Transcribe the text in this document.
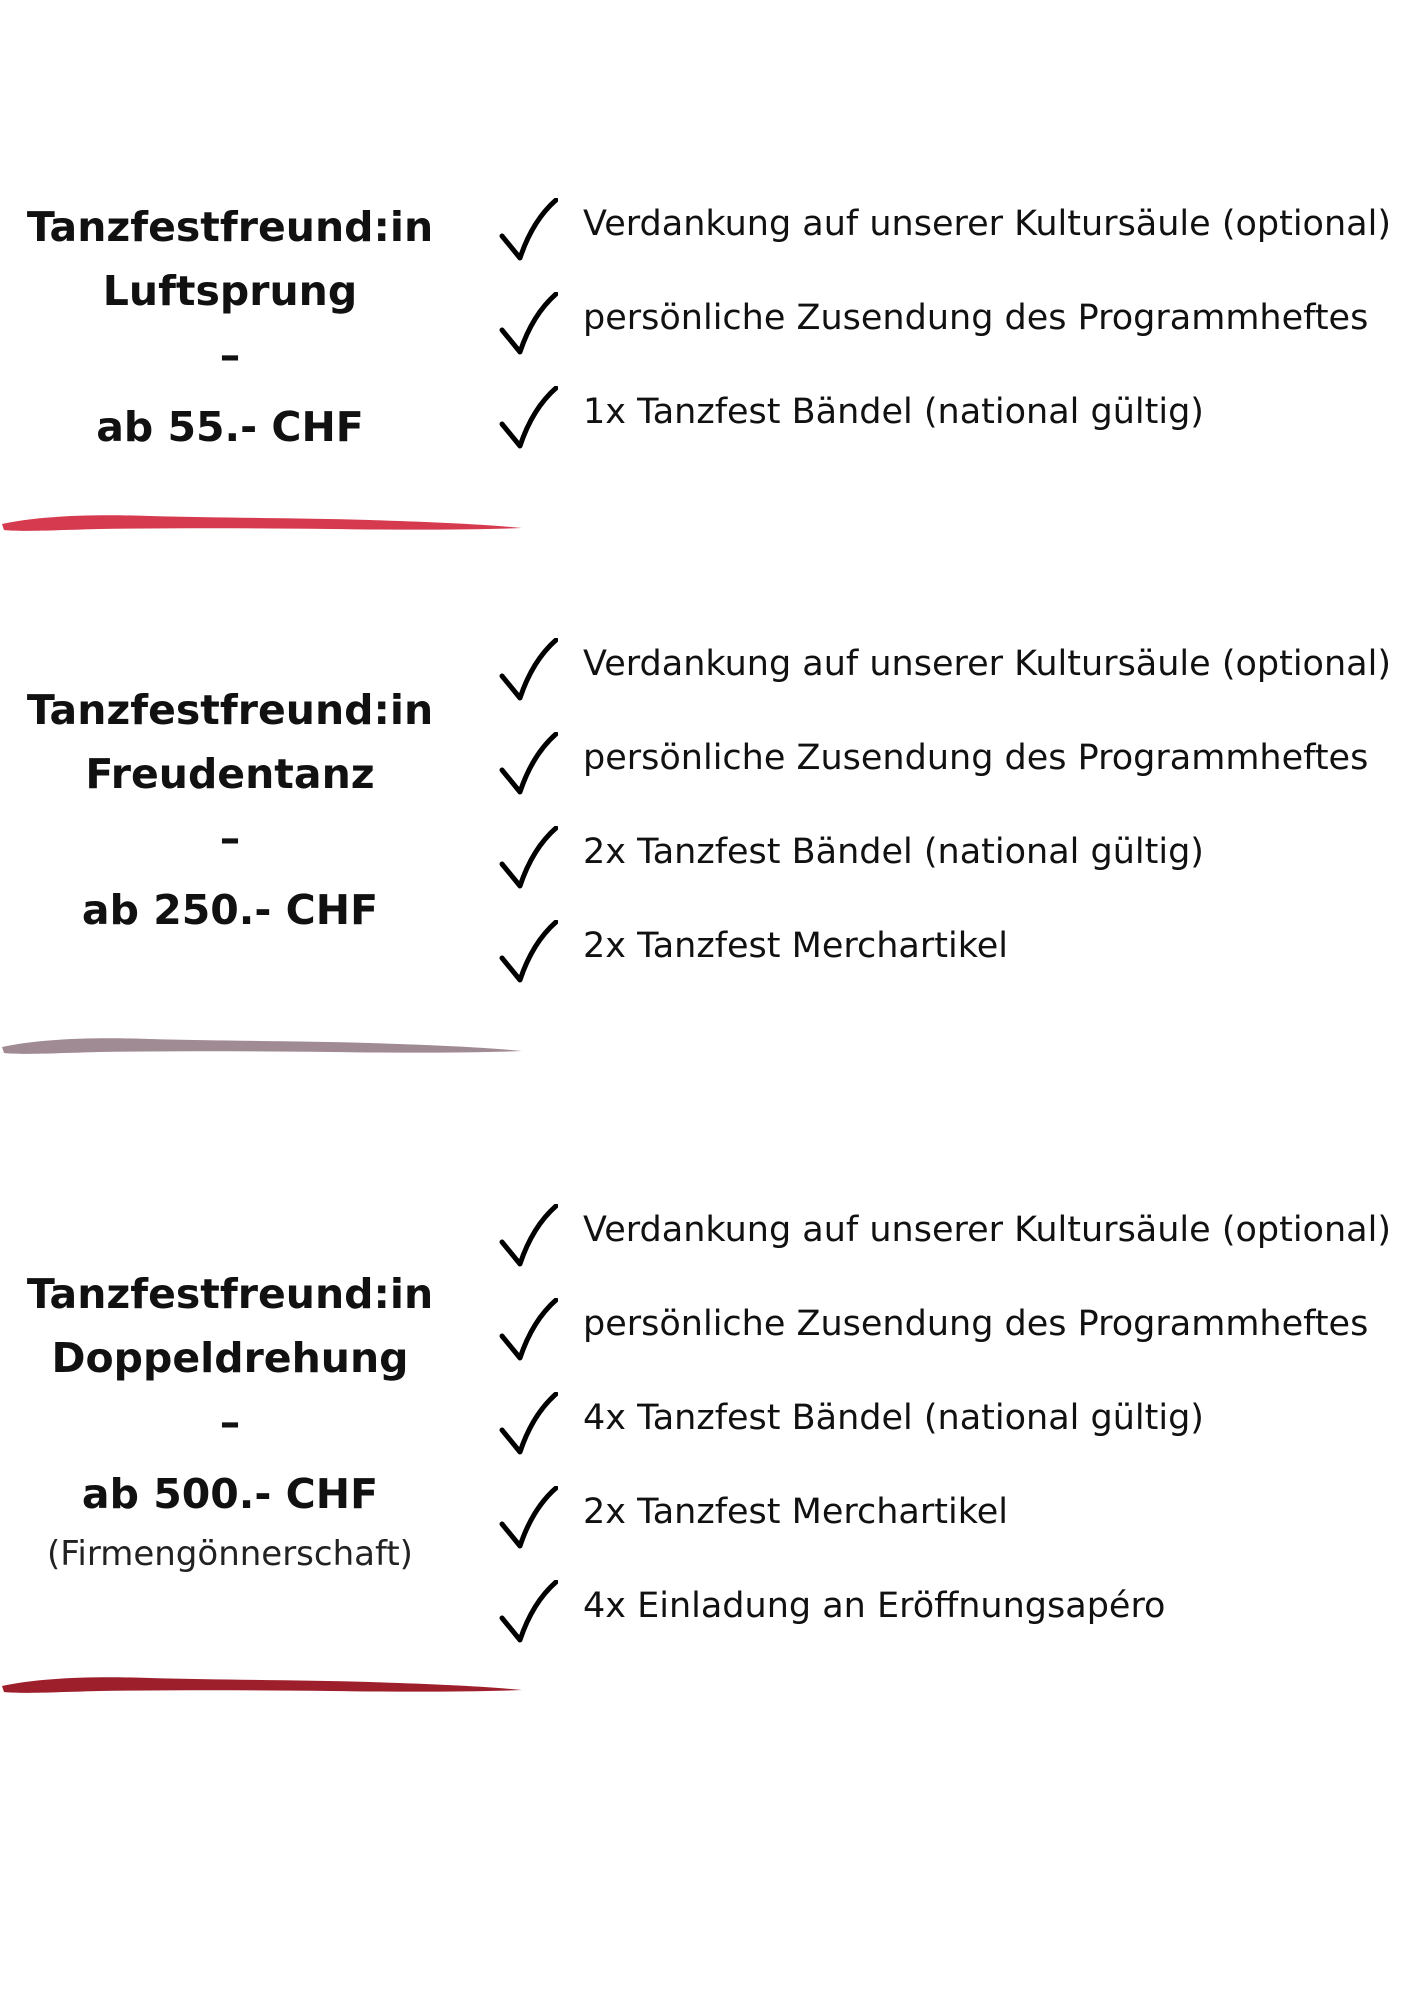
Tanzfestfreund:in
Luftsprung
–
ab 55.- CHF
Verdankung auf unserer Kultursäule (optional)
persönliche Zusendung des Programmheftes
1x Tanzfest Bändel (national gültig)
Tanzfestfreund:in
Freudentanz
–
ab 250.- CHF
Verdankung auf unserer Kultursäule (optional)
persönliche Zusendung des Programmheftes
2x Tanzfest Bändel (national gültig)
2x Tanzfest Merchartikel
Tanzfestfreund:in
Doppeldrehung
–
ab 500.- CHF
(Firmengönnerschaft)
Verdankung auf unserer Kultursäule (optional)
persönliche Zusendung des Programmheftes
4x Tanzfest Bändel (national gültig)
2x Tanzfest Merchartikel
4x Einladung an Eröffnungsapéro
